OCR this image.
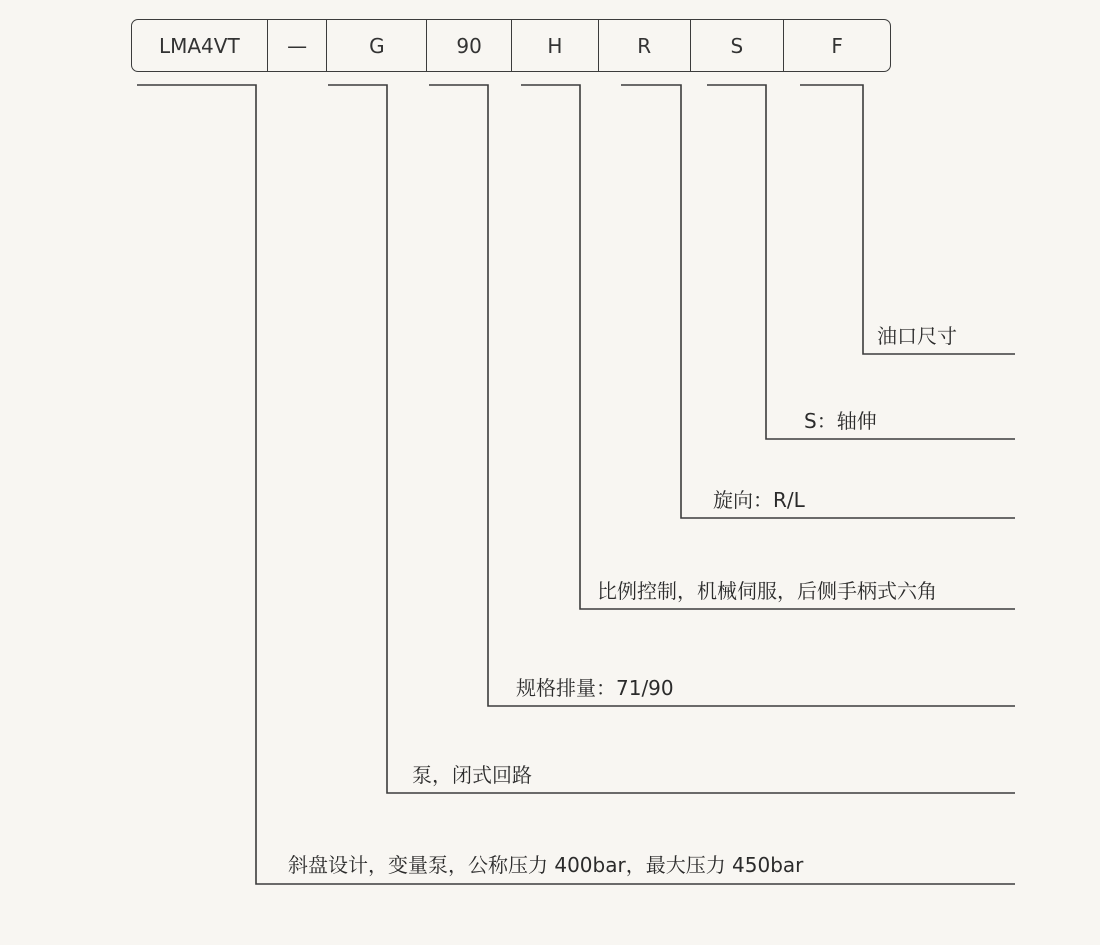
LMA4VT	—	G	90	H	R	S	F
油口尺寸
S：轴伸
旋向：R/L
比例控制，机械伺服，后侧手柄式六角
规格排量：71/90
泵，闭式回路
斜盘设计，变量泵，公称压力 400bar，最大压力 450bar
